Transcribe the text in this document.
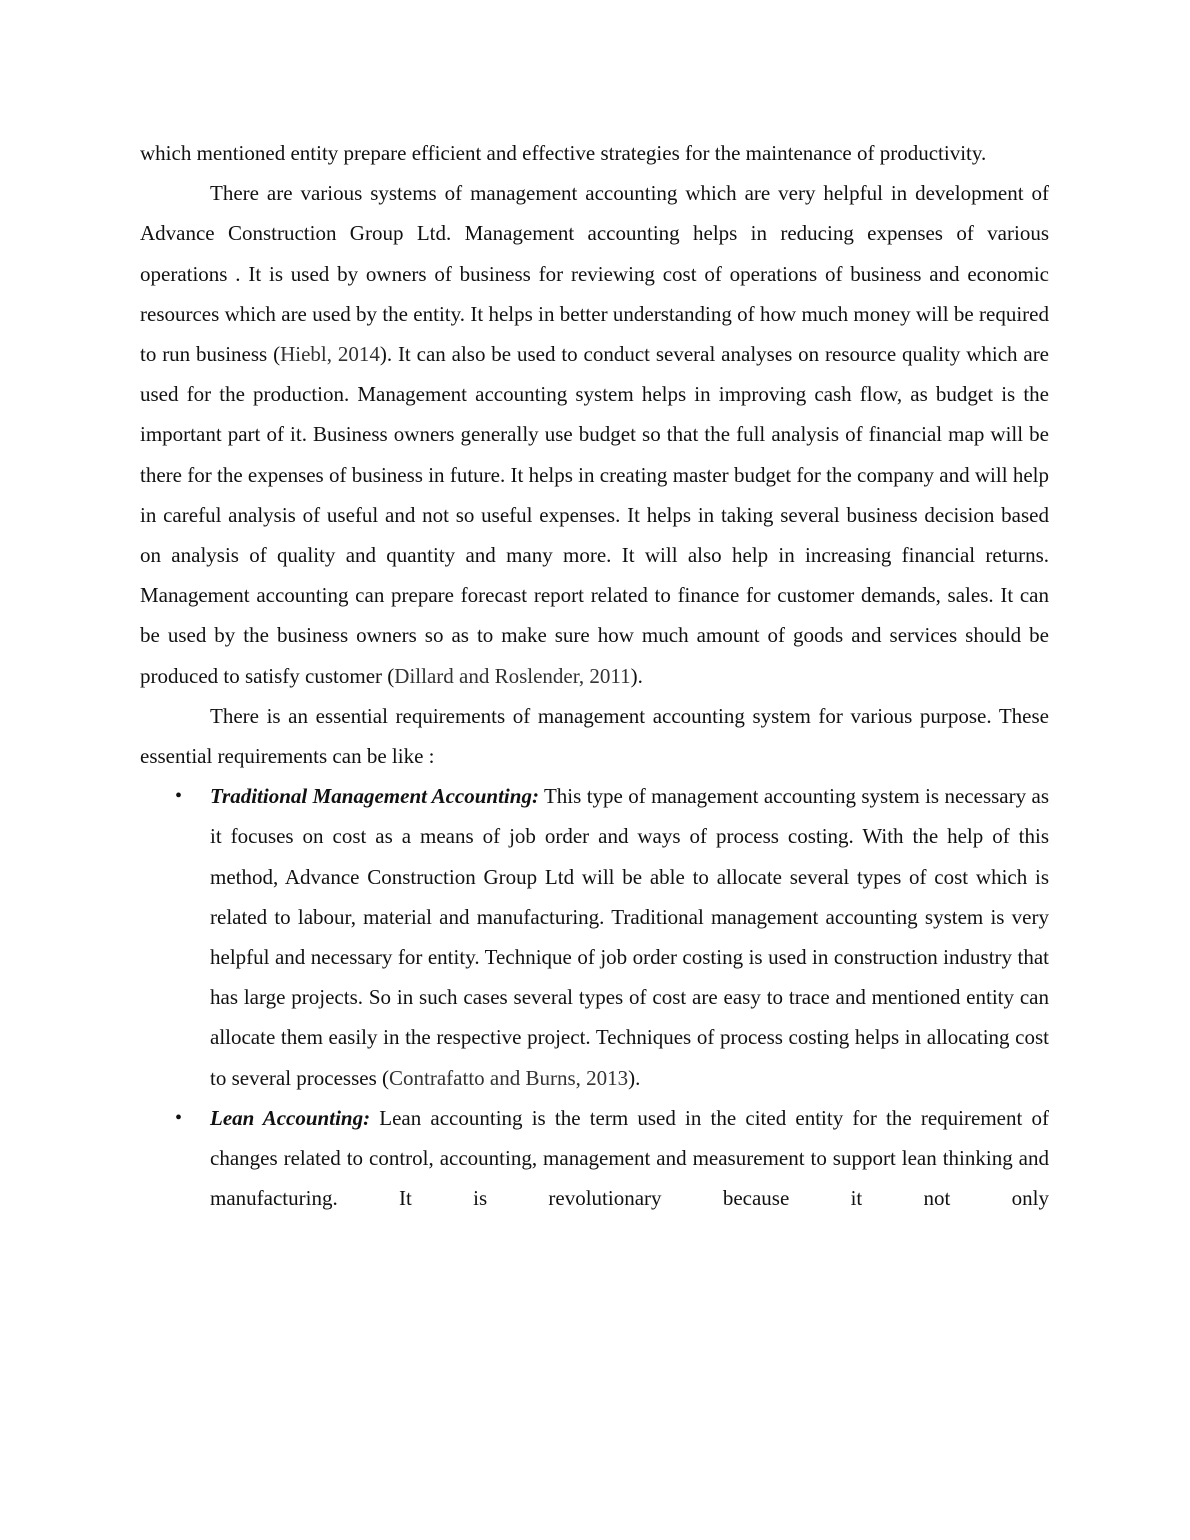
which mentioned entity prepare efficient and effective strategies for the maintenance of productivity.

There are various systems of management accounting which are very helpful in development of Advance Construction Group Ltd. Management accounting helps in reducing expenses of various operations . It is used by owners of business for reviewing cost of operations of business and economic resources which are used by the entity. It helps in better understanding of how much money will be required to run business (Hiebl, 2014). It can also be used to conduct several analyses on resource quality which are used for the production. Management accounting system helps in improving cash flow, as budget is the important part of it. Business owners generally use budget so that the full analysis of financial map will be there for the expenses of business in future. It helps in creating master budget for the company and will help in careful analysis of useful and not so useful expenses. It helps in taking several business decision based on analysis of quality and quantity and many more. It will also help in increasing financial returns. Management accounting can prepare forecast report related to finance for customer demands, sales. It can be used by the business owners so as to make sure how much amount of goods and services should be produced to satisfy customer (Dillard and Roslender, 2011).

There is an essential requirements of management accounting system for various purpose. These essential requirements can be like :

• Traditional Management Accounting: This type of management accounting system is necessary as it focuses on cost as a means of job order and ways of process costing. With the help of this method, Advance Construction Group Ltd will be able to allocate several types of cost which is related to labour, material and manufacturing. Traditional management accounting system is very helpful and necessary for entity. Technique of job order costing is used in construction industry that has large projects. So in such cases several types of cost are easy to trace and mentioned entity can allocate them easily in the respective project. Techniques of process costing helps in allocating cost to several processes (Contrafatto and Burns, 2013).
• Lean Accounting: Lean accounting is the term used in the cited entity for the requirement of changes related to control, accounting, management and measurement to support lean thinking and manufacturing. It is revolutionary because it not only
